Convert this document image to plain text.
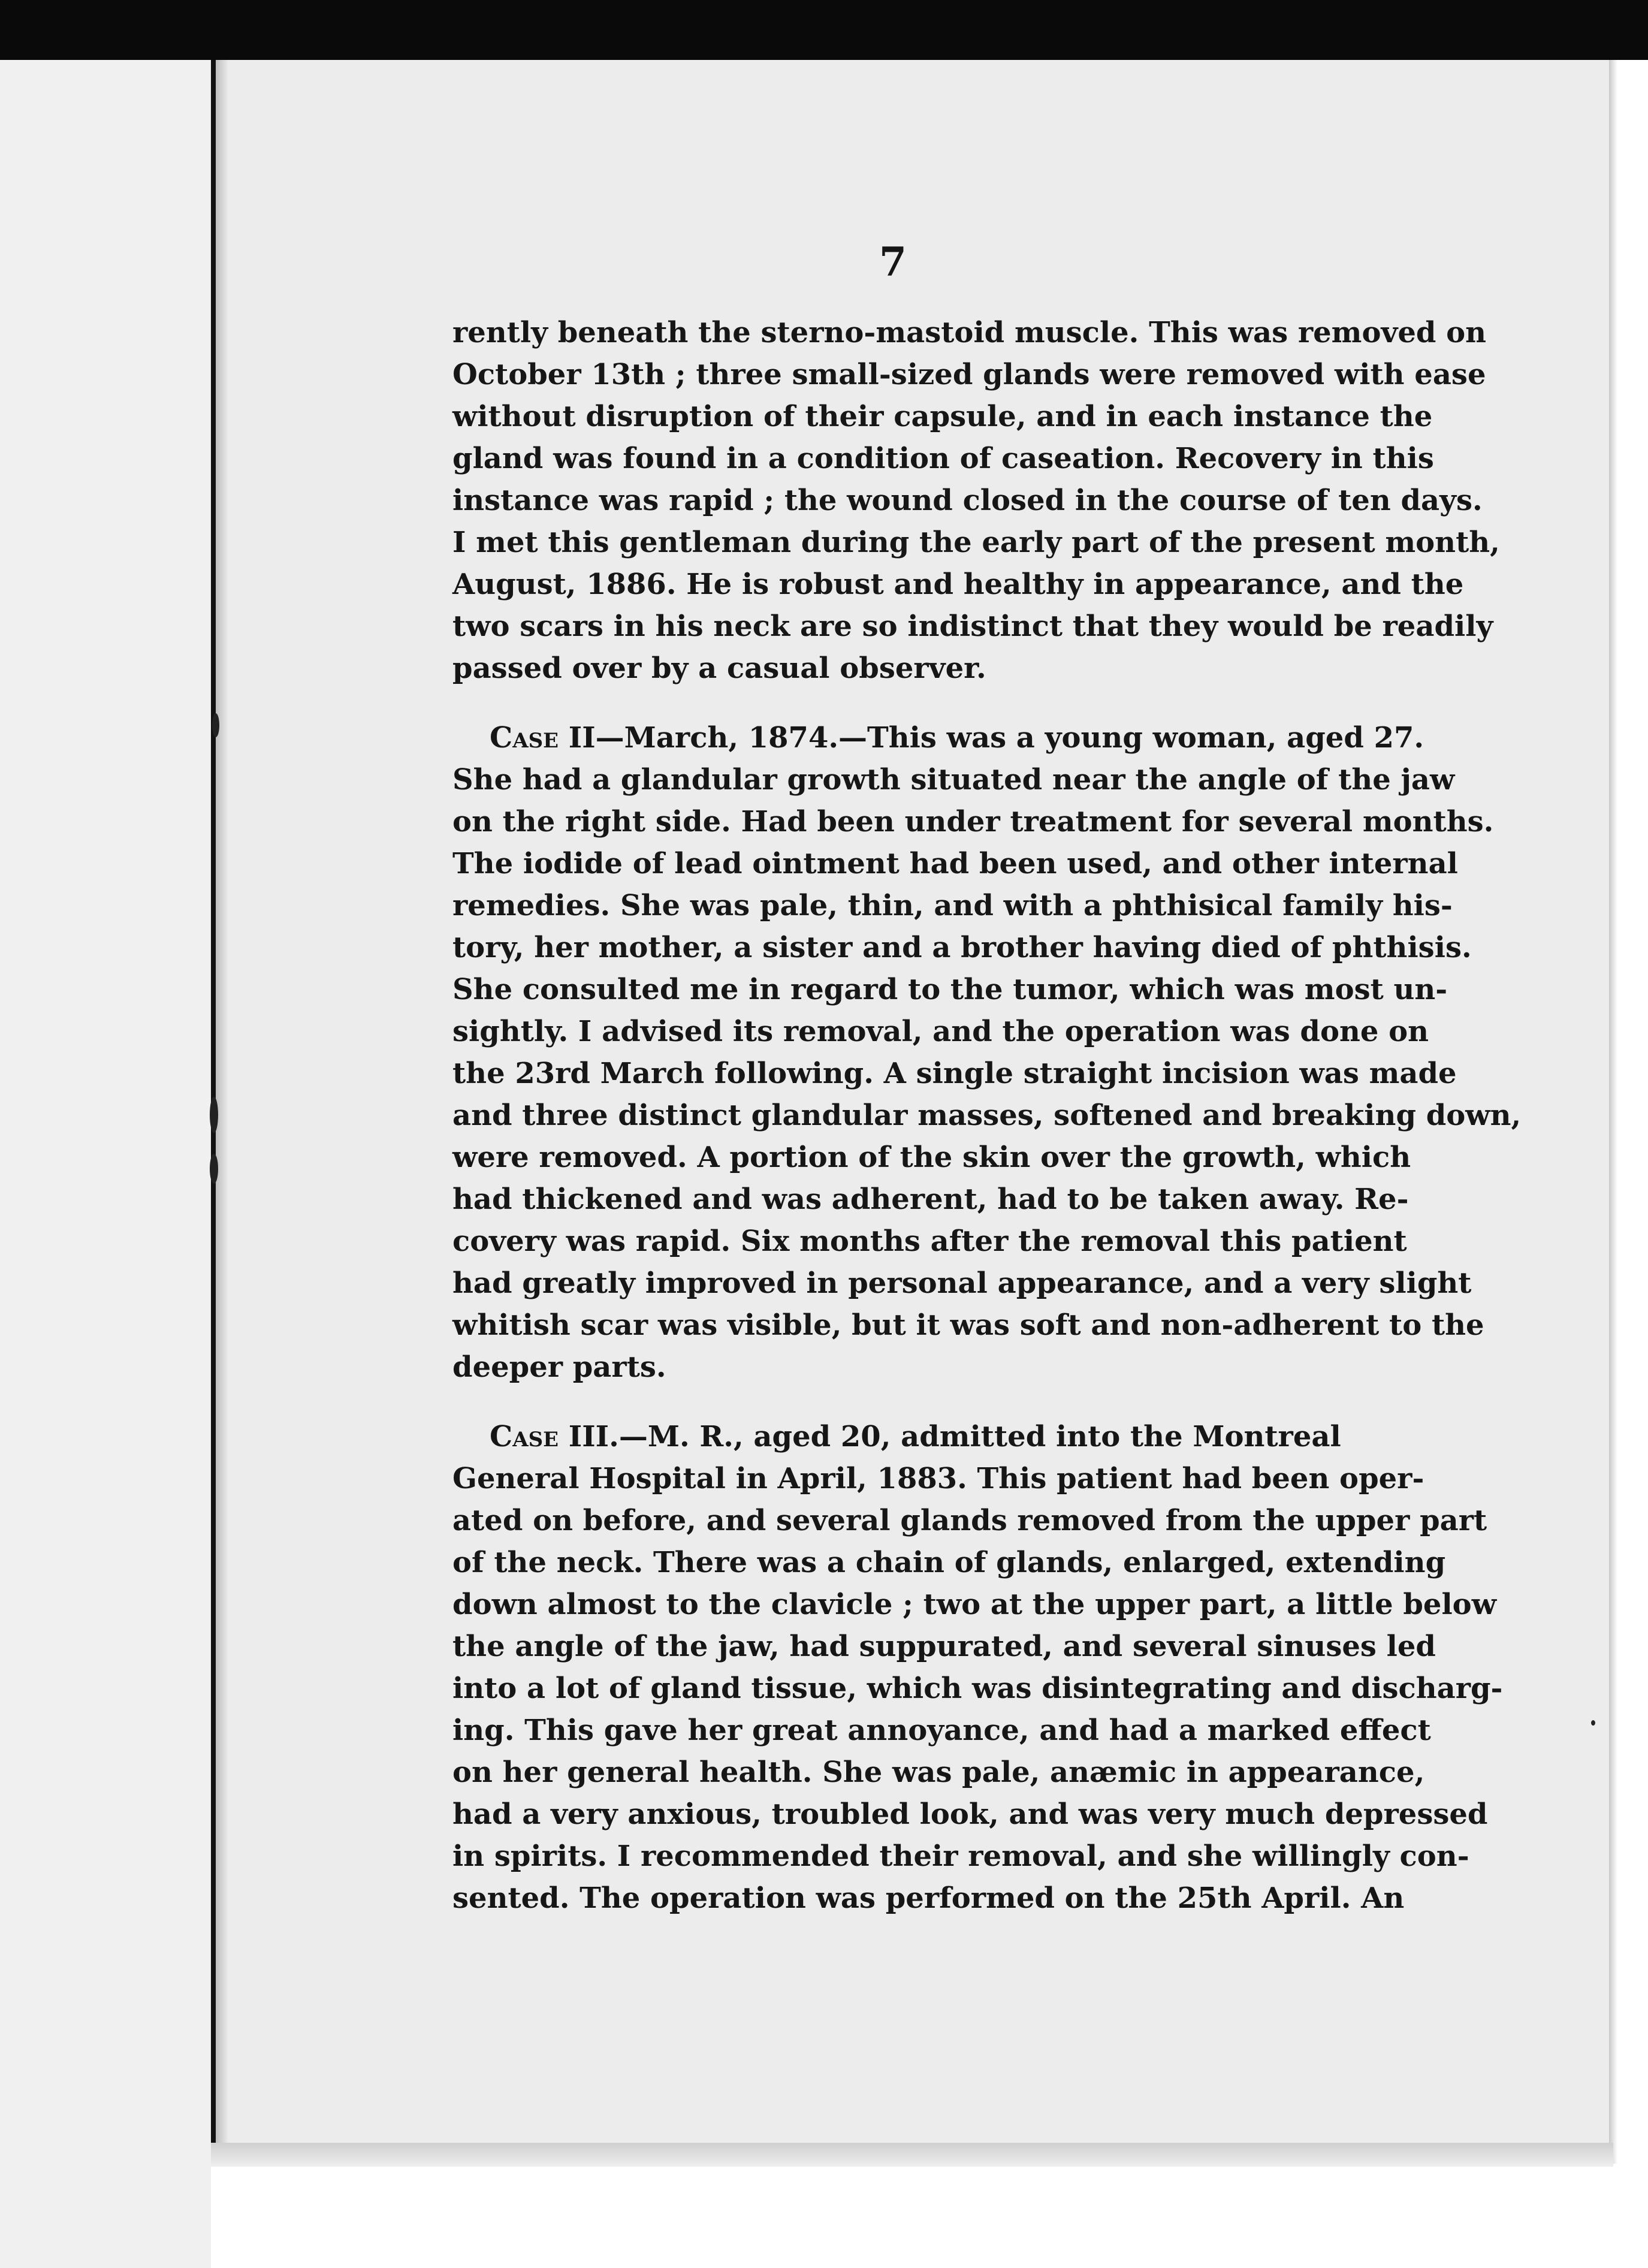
7
rently beneath the sterno-mastoid muscle. This was removed on
October 13th ; three small-sized glands were removed with ease
without disruption of their capsule, and in each instance the
gland was found in a condition of caseation. Recovery in this
instance was rapid ; the wound closed in the course of ten days.
I met this gentleman during the early part of the present month,
August, 1886. He is robust and healthy in appearance, and the
two scars in his neck are so indistinct that they would be readily
passed over by a casual observer.
Case II—March, 1874.—This was a young woman, aged 27.
She had a glandular growth situated near the angle of the jaw
on the right side. Had been under treatment for several months.
The iodide of lead ointment had been used, and other internal
remedies. She was pale, thin, and with a phthisical family his-
tory, her mother, a sister and a brother having died of phthisis.
She consulted me in regard to the tumor, which was most un-
sightly. I advised its removal, and the operation was done on
the 23rd March following. A single straight incision was made
and three distinct glandular masses, softened and breaking down,
were removed. A portion of the skin over the growth, which
had thickened and was adherent, had to be taken away. Re-
covery was rapid. Six months after the removal this patient
had greatly improved in personal appearance, and a very slight
whitish scar was visible, but it was soft and non-adherent to the
deeper parts.
Case III.—M. R., aged 20, admitted into the Montreal
General Hospital in April, 1883. This patient had been oper-
ated on before, and several glands removed from the upper part
of the neck. There was a chain of glands, enlarged, extending
down almost to the clavicle ; two at the upper part, a little below
the angle of the jaw, had suppurated, and several sinuses led
into a lot of gland tissue, which was disintegrating and discharg-
ing. This gave her great annoyance, and had a marked effect
on her general health. She was pale, anæmic in appearance,
had a very anxious, troubled look, and was very much depressed
in spirits. I recommended their removal, and she willingly con-
sented. The operation was performed on the 25th April. An
